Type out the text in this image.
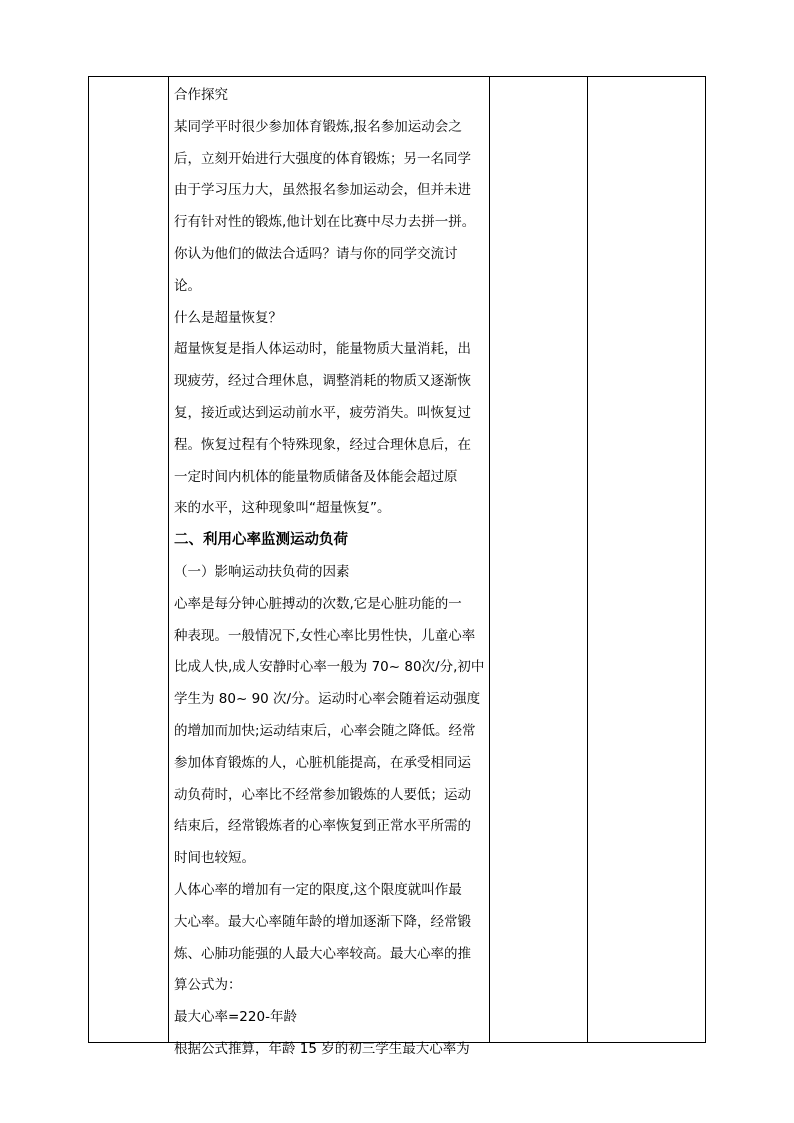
合作探究

某同学平时很少参加体育锻炼,报名参加运动会之

后，立刻开始进行大强度的体育锻炼；另一名同学

由于学习压力大，虽然报名参加运动会，但并未进

行有针对性的锻炼,他计划在比赛中尽力去拼一拼。

你认为他们的做法合适吗？请与你的同学交流讨

论。

什么是超量恢复？

超量恢复是指人体运动时，能量物质大量消耗，出

现疲劳，经过合理休息，调整消耗的物质又逐渐恢

复，接近或达到运动前水平，疲劳消失。叫恢复过

程。恢复过程有个特殊现象，经过合理休息后，在

一定时间内机体的能量物质储备及体能会超过原

来的水平，这种现象叫“超量恢复”。

二、利用心率监测运动负荷

（一）影响运动扶负荷的因素

心率是每分钟心脏搏动的次数,它是心脏功能的一

种表现。一般情况下,女性心率比男性快，儿童心率

比成人快,成人安静时心率一般为 70~ 80次/分,初中

学生为 80~ 90 次/分。运动时心率会随着运动强度

的增加而加快;运动结束后，心率会随之降低。经常

参加体育锻炼的人，心脏机能提高，在承受相同运

动负荷时，心率比不经常参加锻炼的人要低；运动

结束后，经常锻炼者的心率恢复到正常水平所需的

时间也较短。

人体心率的增加有一定的限度,这个限度就叫作最

大心率。最大心率随年龄的增加逐渐下降，经常锻

炼、心肺功能强的人最大心率较高。最大心率的推

算公式为：

最大心率=220-年龄

根据公式推算，年龄 15 岁的初三学生最大心率为
